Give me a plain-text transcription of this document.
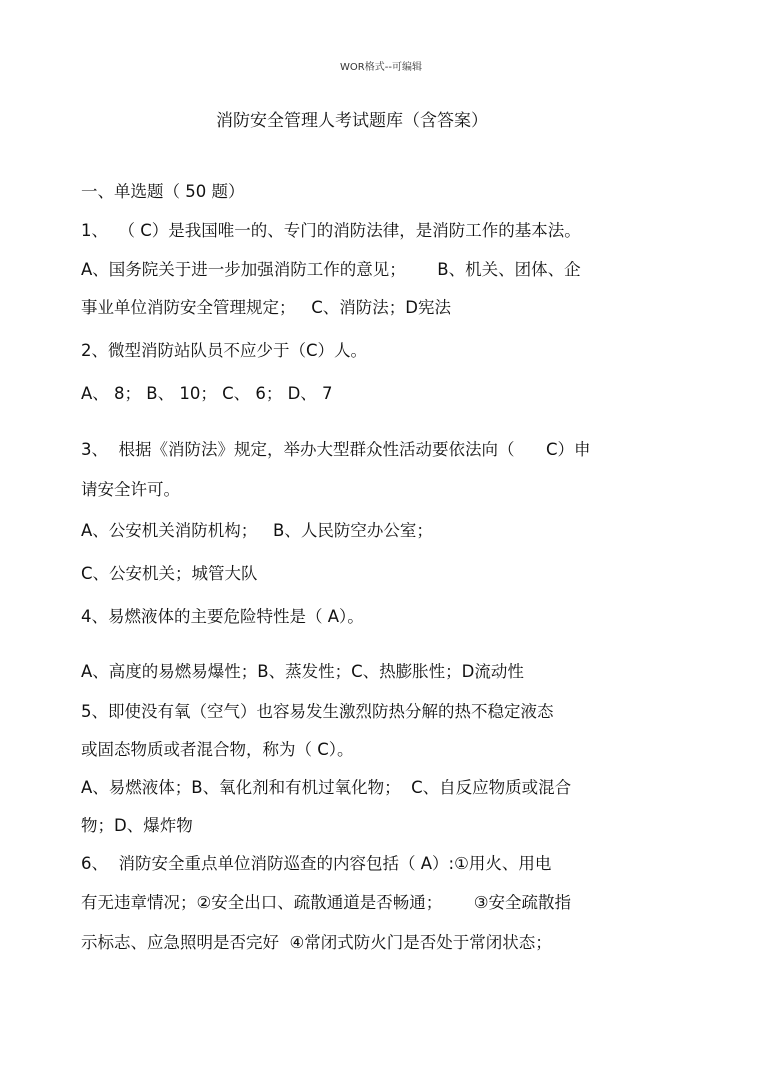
WOR格式--可编辑
消防安全管理人考试题库（含答案）
一、单选题（ 50 题）
1、  （ C）是我国唯一的、专门的消防法律，是消防工作的基本法。
A、国务院关于进一步加强消防工作的意见；      B、机关、团体、企
事业单位消防安全管理规定；   C、消防法；D宪法
2、微型消防站队员不应少于（C）人。
A、 8； B、 10； C、 6； D、 7
3、  根据《消防法》规定，举办大型群众性活动要依法向（      C）申
请安全许可。
A、公安机关消防机构；   B、人民防空办公室；
C、公安机关；城管大队
4、易燃液体的主要危险特性是（ A）。
A、高度的易燃易爆性；B、蒸发性；C、热膨胀性；D流动性
5、即使没有氧（空气）也容易发生激烈防热分解的热不稳定液态
或固态物质或者混合物，称为（ C）。
A、易燃液体；B、氧化剂和有机过氧化物；  C、自反应物质或混合
物；D、爆炸物
6、  消防安全重点单位消防巡查的内容包括（ A）:①用火、用电
有无违章情况；②安全出口、疏散通道是否畅通；      ③安全疏散指
示标志、应急照明是否完好  ④常闭式防火门是否处于常闭状态；
